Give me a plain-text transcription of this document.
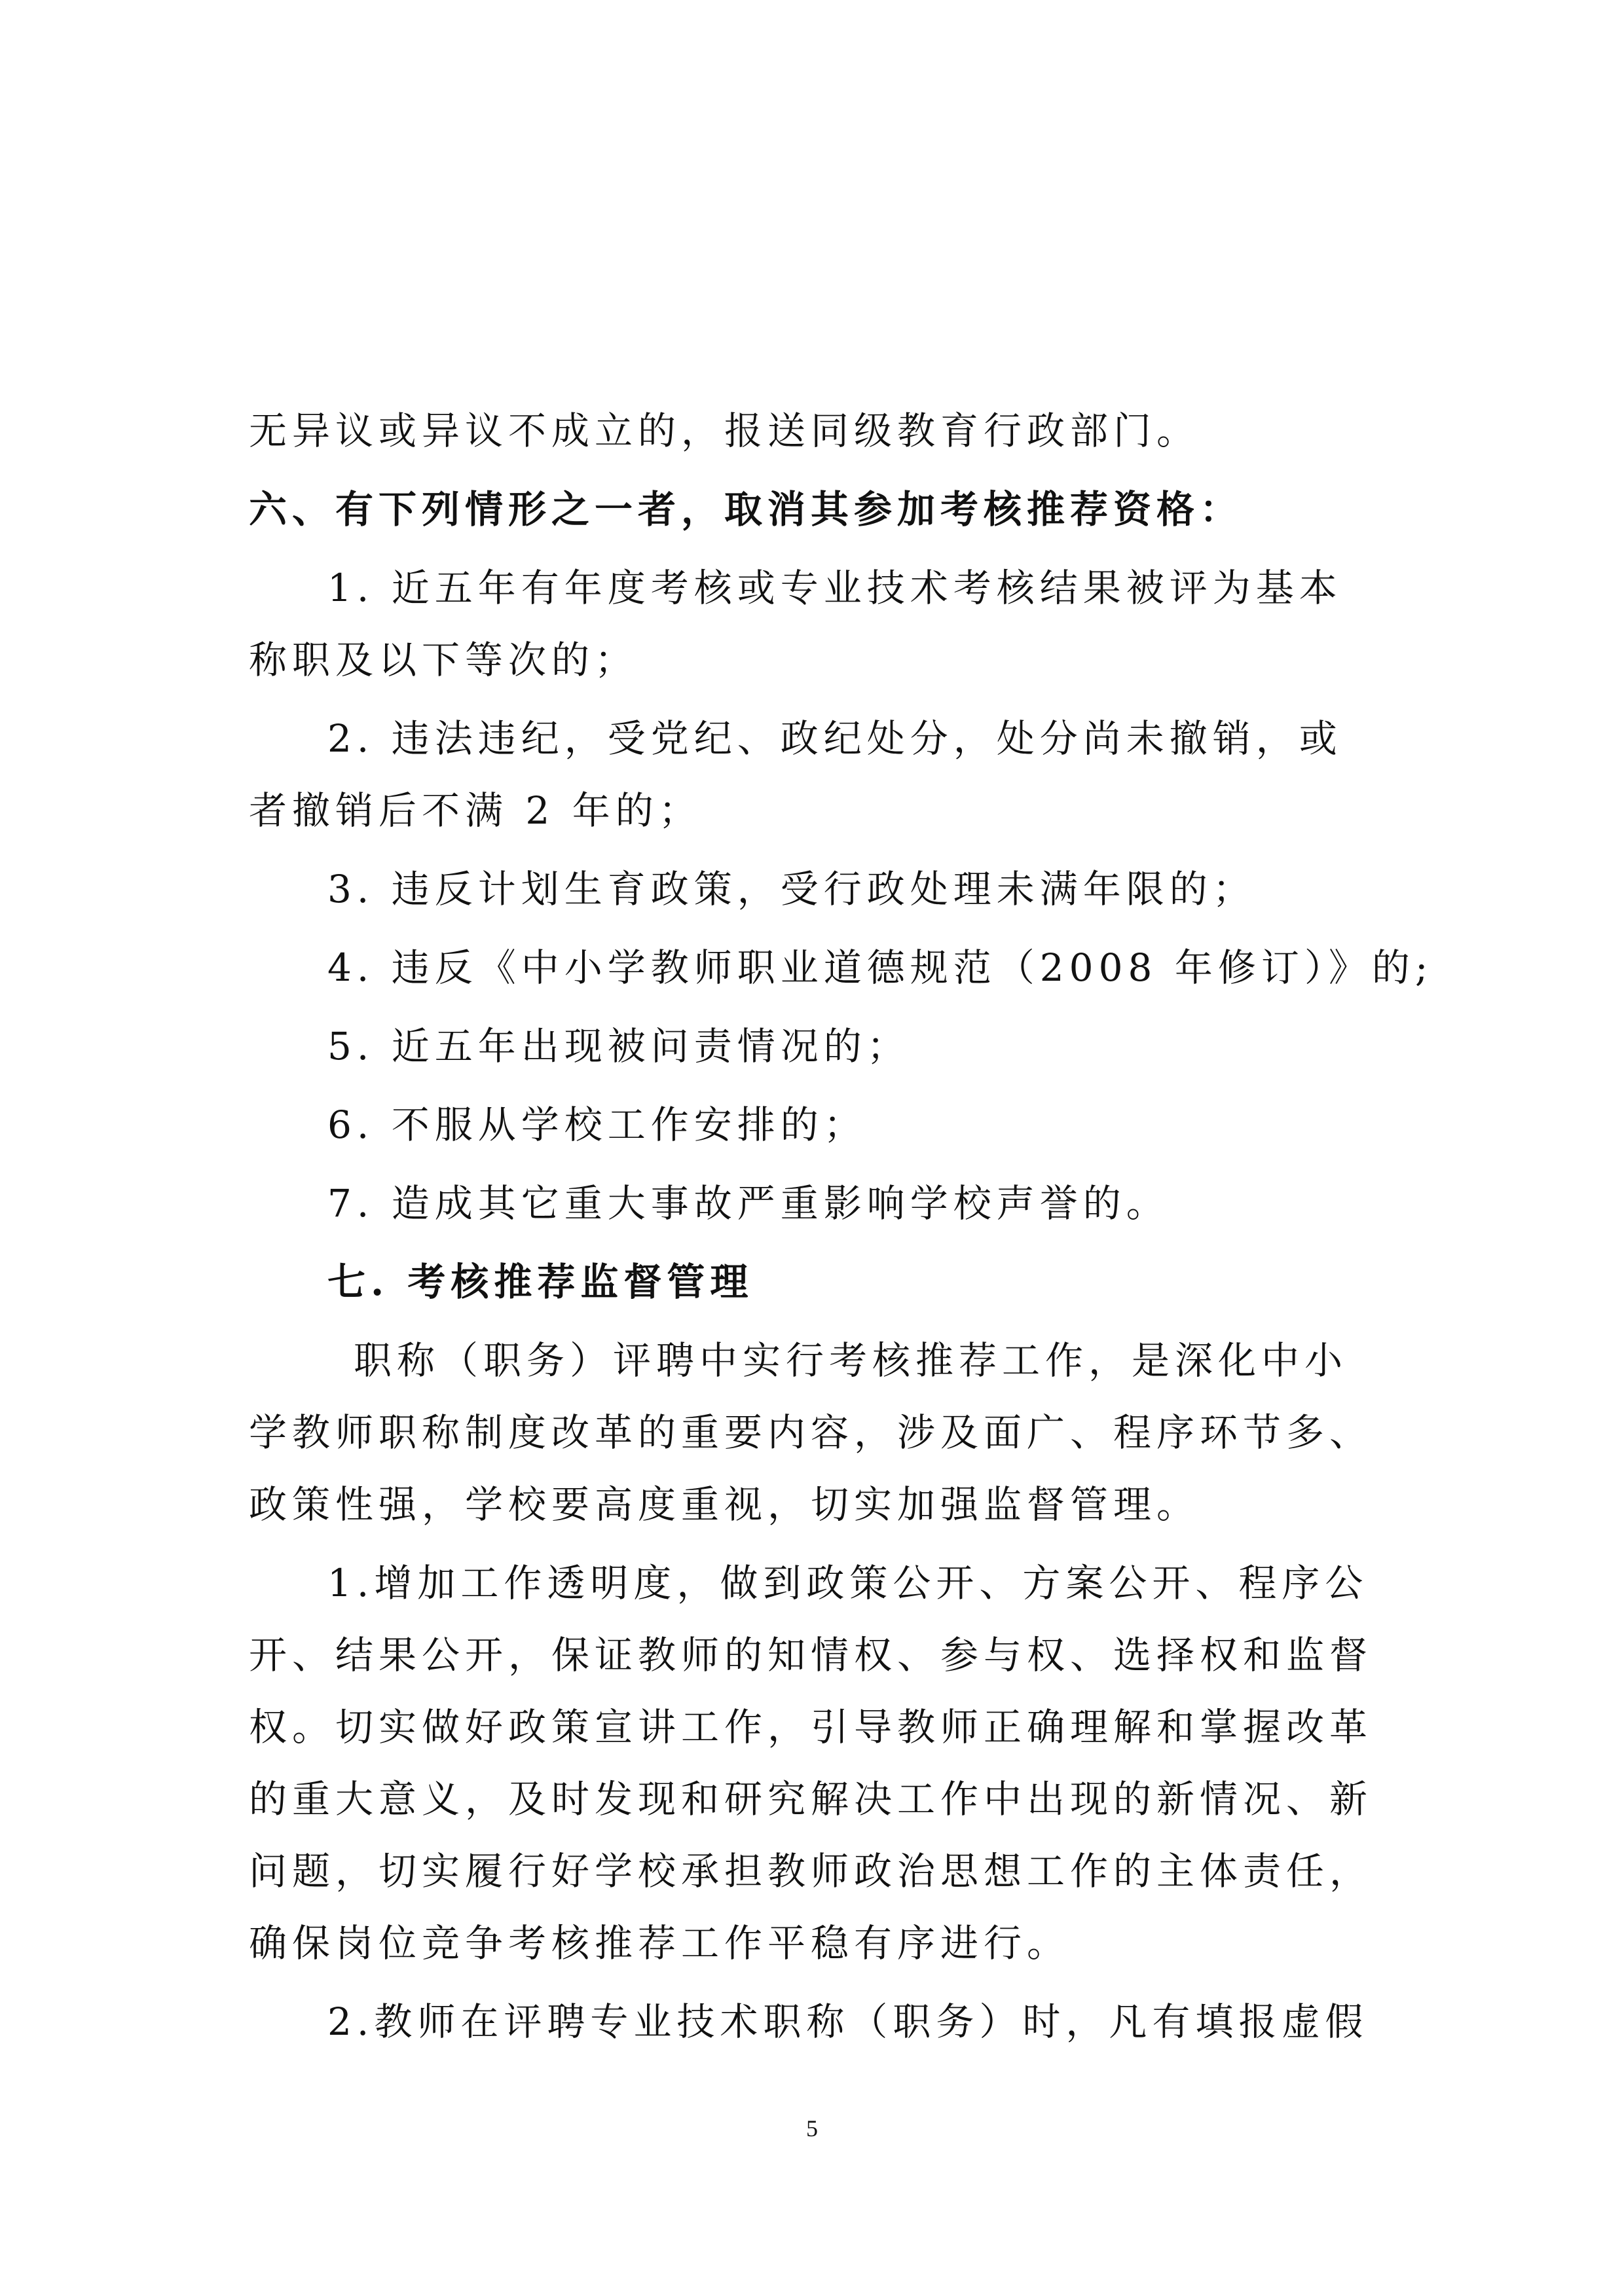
无异议或异议不成立的，报送同级教育行政部门。
六、有下列情形之一者，取消其参加考核推荐资格：
1. 近五年有年度考核或专业技术考核结果被评为基本
称职及以下等次的；
2. 违法违纪，受党纪、政纪处分，处分尚未撤销，或
者撤销后不满 2 年的；
3. 违反计划生育政策，受行政处理未满年限的；
4. 违反《中小学教师职业道德规范（2008 年修订）》的;
5. 近五年出现被问责情况的；
6. 不服从学校工作安排的；
7. 造成其它重大事故严重影响学校声誉的。
七. 考核推荐监督管理
职称（职务）评聘中实行考核推荐工作，是深化中小
学教师职称制度改革的重要内容，涉及面广、程序环节多、
政策性强，学校要高度重视，切实加强监督管理。
1.增加工作透明度，做到政策公开、方案公开、程序公
开、结果公开，保证教师的知情权、参与权、选择权和监督
权。切实做好政策宣讲工作，引导教师正确理解和掌握改革
的重大意义，及时发现和研究解决工作中出现的新情况、新
问题，切实履行好学校承担教师政治思想工作的主体责任，
确保岗位竞争考核推荐工作平稳有序进行。
2.教师在评聘专业技术职称（职务）时，凡有填报虚假
5
